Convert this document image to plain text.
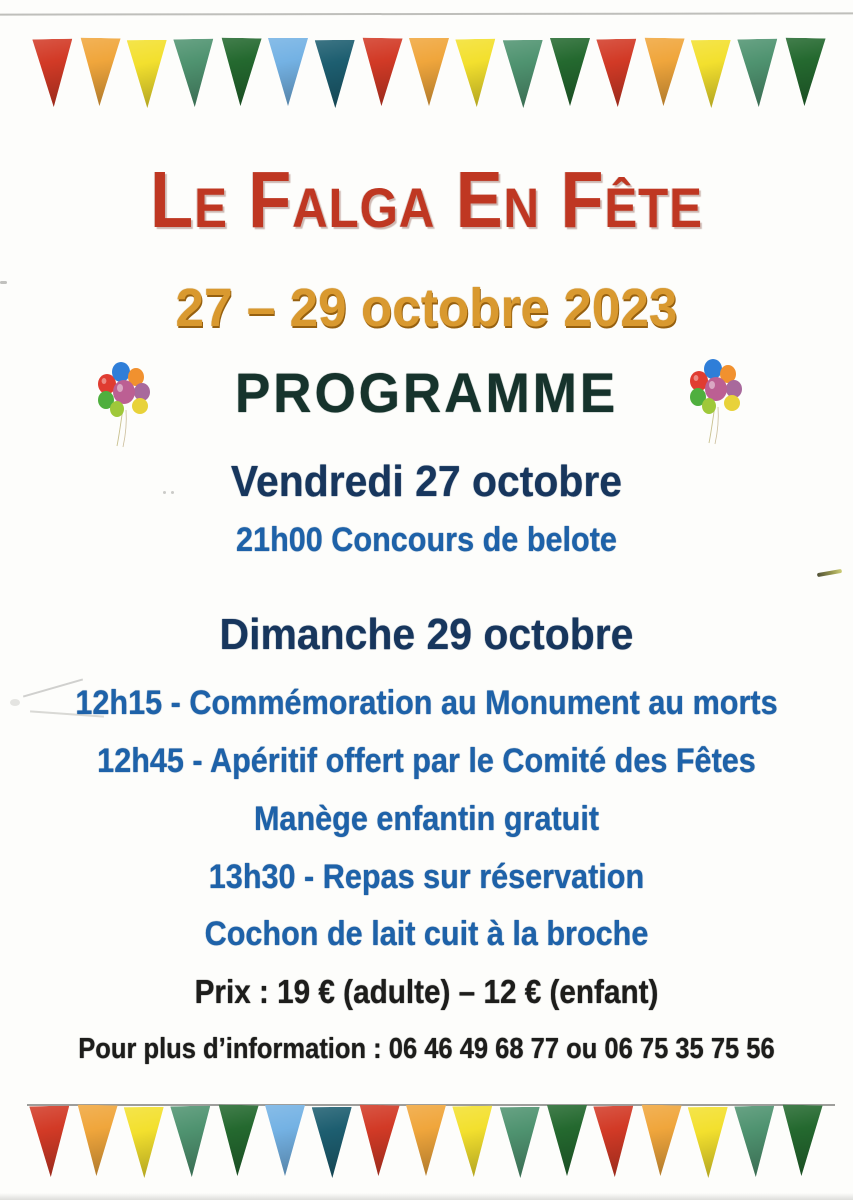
Le Falga En Fête
27 – 29 octobre 2023
PROGRAMME
Vendredi 27 octobre
21h00 Concours de belote
Dimanche 29 octobre
12h15 - Commémoration au Monument au morts
12h45 - Apéritif offert par le Comité des Fêtes
Manège enfantin gratuit
13h30 - Repas sur réservation
Cochon de lait cuit à la broche
Prix : 19 € (adulte) – 12 € (enfant)
Pour plus d’information : 06 46 49 68 77 ou 06 75 35 75 56
